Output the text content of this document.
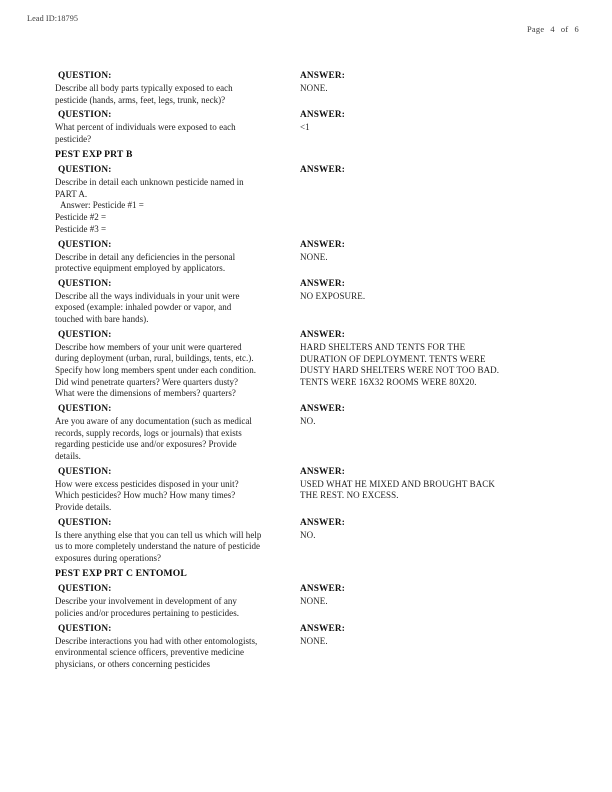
Lead ID:18795
Page 4 of 6
QUESTION:
Describe all body parts typically exposed to each
pesticide (hands, arms, feet, legs, trunk, neck)?
ANSWER:
NONE.
QUESTION:
What percent of individuals were exposed to each
pesticide?
ANSWER:
<1
PEST EXP PRT B
QUESTION:
Describe in detail each unknown pesticide named in
PART A.
Answer: Pesticide #1 =
Pesticide #2 =
Pesticide #3 =
ANSWER:
QUESTION:
Describe in detail any deficiencies in the personal
protective equipment employed by applicators.
ANSWER:
NONE.
QUESTION:
Describe all the ways individuals in your unit were
exposed (example: inhaled powder or vapor, and
touched with bare hands).
ANSWER:
NO EXPOSURE.
QUESTION:
Describe how members of your unit were quartered
during deployment (urban, rural, buildings, tents, etc.).
Specify how long members spent under each condition.
Did wind penetrate quarters? Were quarters dusty?
What were the dimensions of members? quarters?
ANSWER:
HARD SHELTERS AND TENTS FOR THE
DURATION OF DEPLOYMENT. TENTS WERE
DUSTY HARD SHELTERS WERE NOT TOO BAD.
TENTS WERE 16X32 ROOMS WERE 80X20.
QUESTION:
Are you aware of any documentation (such as medical
records, supply records, logs or journals) that exists
regarding pesticide use and/or exposures? Provide
details.
ANSWER:
NO.
QUESTION:
How were excess pesticides disposed in your unit?
Which pesticides? How much? How many times?
Provide details.
ANSWER:
USED WHAT HE MIXED AND BROUGHT BACK
THE REST. NO EXCESS.
QUESTION:
Is there anything else that you can tell us which will help
us to more completely understand the nature of pesticide
exposures during operations?
ANSWER:
NO.
PEST EXP PRT C ENTOMOL
QUESTION:
Describe your involvement in development of any
policies and/or procedures pertaining to pesticides.
ANSWER:
NONE.
QUESTION:
Describe interactions you had with other entomologists,
environmental science officers, preventive medicine
physicians, or others concerning pesticides
ANSWER:
NONE.
